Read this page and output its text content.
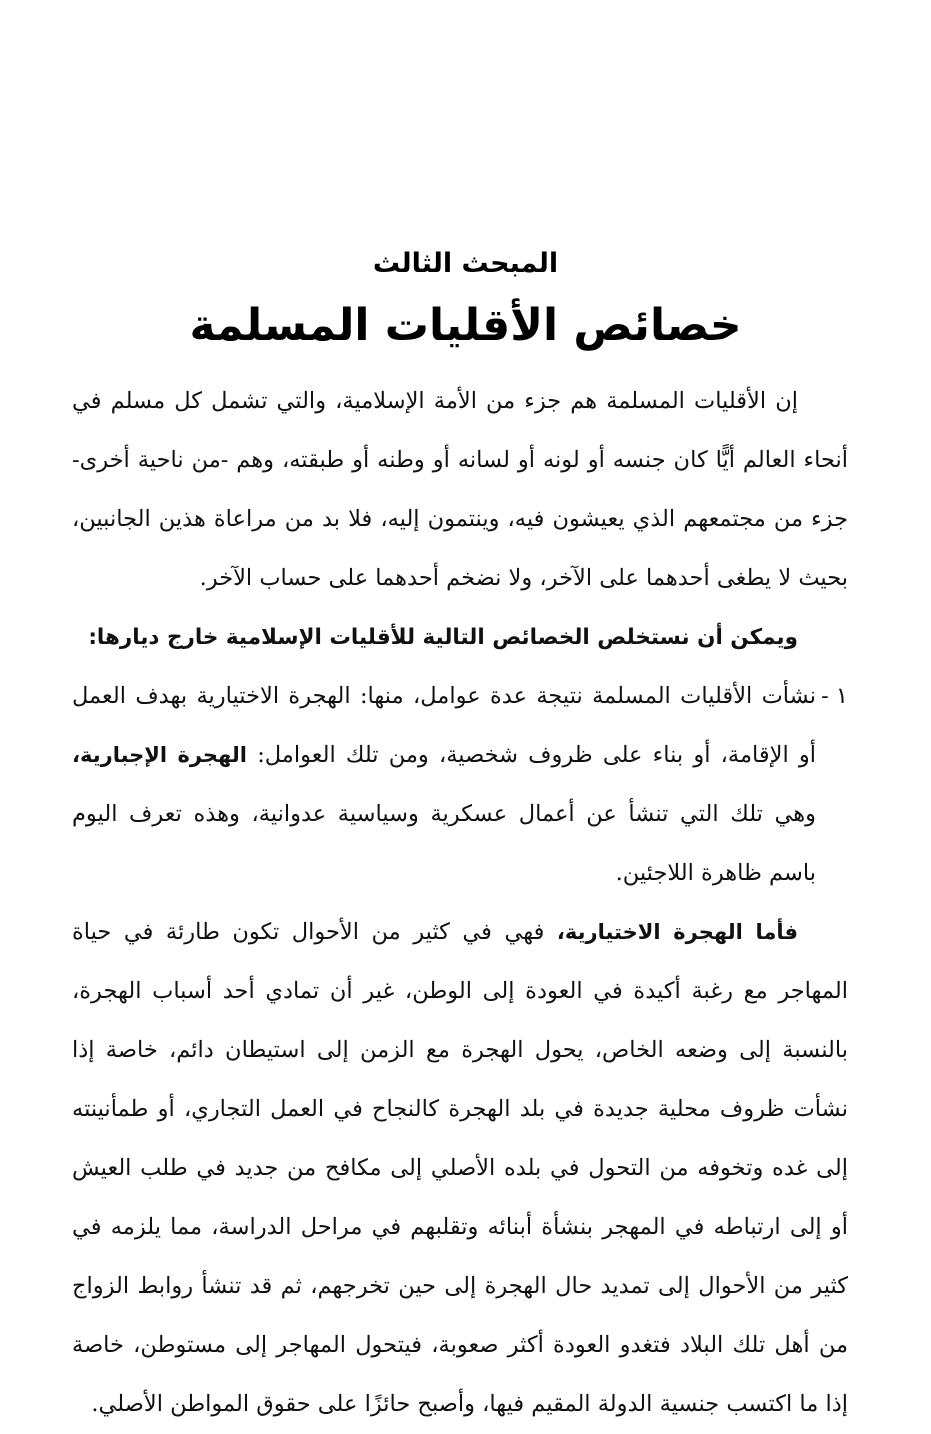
المبحث الثالث
خصائص الأقليات المسلمة

إن الأقليات المسلمة هم جزء من الأمة الإسلامية، والتي تشمل كل مسلم في أنحاء العالم أيًّا كان جنسه أو لونه أو لسانه أو وطنه أو طبقته، وهم -من ناحية أخرى- جزء من مجتمعهم الذي يعيشون فيه، وينتمون إليه، فلا بد من مراعاة هذين الجانبين، بحيث لا يطغى أحدهما على الآخر، ولا نضخم أحدهما على حساب الآخر.

ويمكن أن نستخلص الخصائص التالية للأقليات الإسلامية خارج ديارها:

١ -
نشأت الأقليات المسلمة نتيجة عدة عوامل، منها: الهجرة الاختيارية بهدف العمل أو الإقامة، أو بناء على ظروف شخصية، ومن تلك العوامل: الهجرة الإجبارية، وهي تلك التي تنشأ عن أعمال عسكرية وسياسية عدوانية، وهذه تعرف اليوم باسم ظاهرة اللاجئين.

فأما الهجرة الاختيارية، فهي في كثير من الأحوال تكون طارئة في حياة المهاجر مع رغبة أكيدة في العودة إلى الوطن، غير أن تمادي أحد أسباب الهجرة، بالنسبة إلى وضعه الخاص، يحول الهجرة مع الزمن إلى استيطان دائم، خاصة إذا نشأت ظروف محلية جديدة في بلد الهجرة كالنجاح في العمل التجاري، أو طمأنينته إلى غده وتخوفه من التحول في بلده الأصلي إلى مكافح من جديد في طلب العيش أو إلى ارتباطه في المهجر بنشأة أبنائه وتقلبهم في مراحل الدراسة، مما يلزمه في كثير من الأحوال إلى تمديد حال الهجرة إلى حين تخرجهم، ثم قد تنشأ روابط الزواج من أهل تلك البلاد فتغدو العودة أكثر صعوبة، فيتحول المهاجر إلى مستوطن، خاصة إذا ما اكتسب جنسية الدولة المقيم فيها، وأصبح حائزًا على حقوق المواطن الأصلي.
